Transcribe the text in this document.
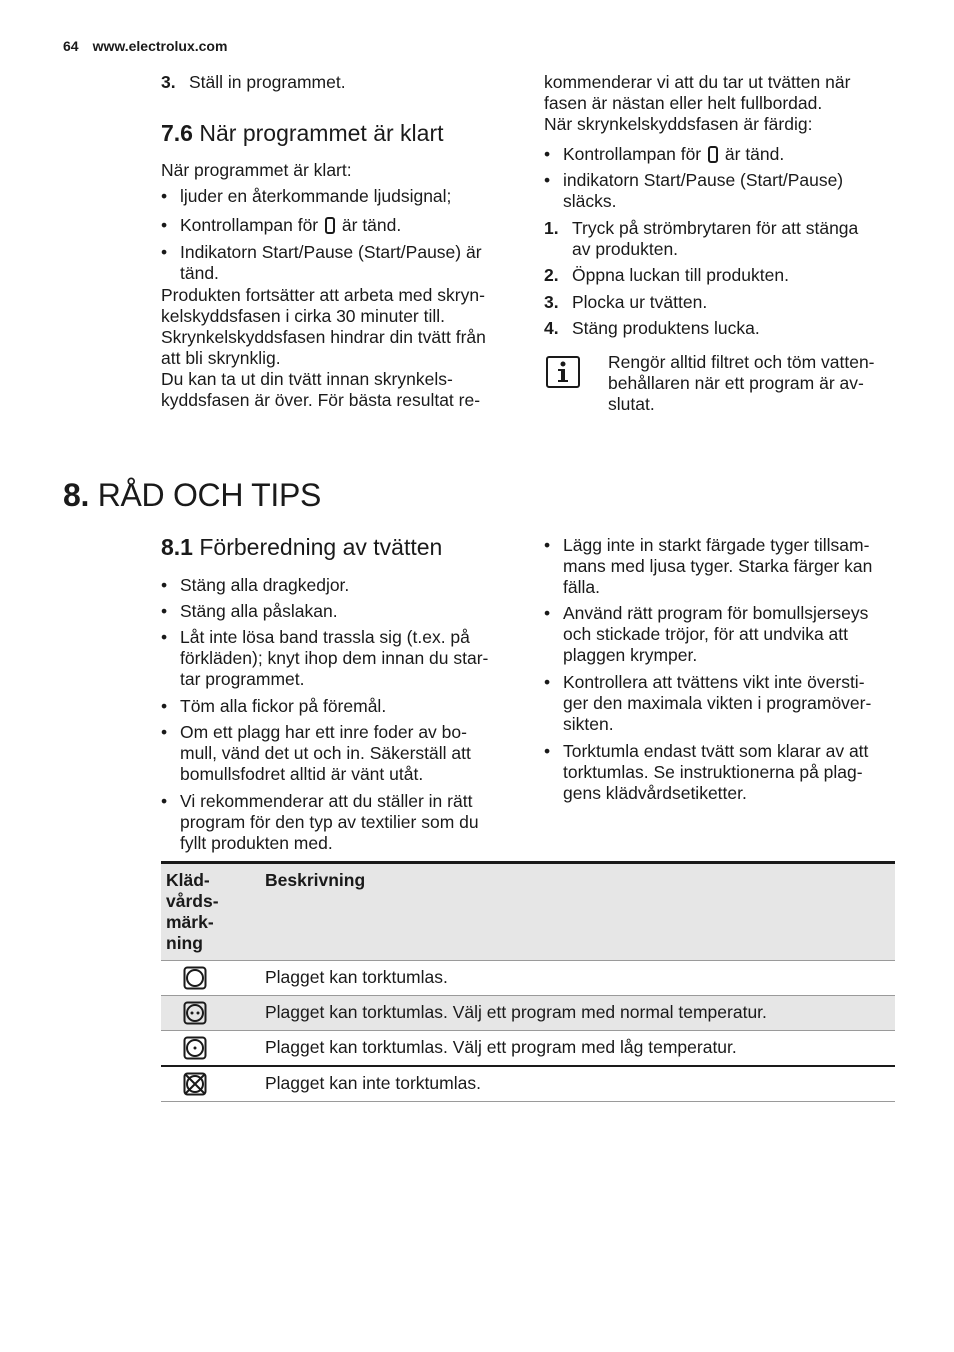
64 www.electrolux.com
3. Ställ in programmet.
7.6 När programmet är klart
När programmet är klart:
• ljuder en återkommande ljudsignal;
• Kontrollampan för är tänd.
• Indikatorn Start/Pause (Start/Pause) är
tänd.
Produkten fortsätter att arbeta med skryn-
kelskyddsfasen i cirka 30 minuter till.
Skrynkelskyddsfasen hindrar din tvätt från
att bli skrynklig.
Du kan ta ut din tvätt innan skrynkels-
kyddsfasen är över. För bästa resultat re-
kommenderar vi att du tar ut tvätten när
fasen är nästan eller helt fullbordad.
När skrynkelskyddsfasen är färdig:
• Kontrollampan för är tänd.
• indikatorn Start/Pause (Start/Pause)
släcks.
1. Tryck på strömbrytaren för att stänga
av produkten.
2. Öppna luckan till produkten.
3. Plocka ur tvätten.
4. Stäng produktens lucka.
Rengör alltid filtret och töm vatten-
behållaren när ett program är av-
slutat.
8. RÅD OCH TIPS
8.1 Förberedning av tvätten
• Stäng alla dragkedjor.
• Stäng alla påslakan.
• Låt inte lösa band trassla sig (t.ex. på
förkläden); knyt ihop dem innan du star-
tar programmet.
• Töm alla fickor på föremål.
• Om ett plagg har ett inre foder av bo-
mull, vänd det ut och in. Säkerställ att
bomullsfodret alltid är vänt utåt.
• Vi rekommenderar att du ställer in rätt
program för den typ av textilier som du
fyllt produkten med.
• Lägg inte in starkt färgade tyger tillsam-
mans med ljusa tyger. Starka färger kan
fälla.
• Använd rätt program för bomullsjerseys
och stickade tröjor, för att undvika att
plaggen krymper.
• Kontrollera att tvättens vikt inte översti-
ger den maximala vikten i programöver-
sikten.
• Torktumla endast tvätt som klarar av att
torktumlas. Se instruktionerna på plag-
gens klädvårdsetiketter.
Kläd-
vårds-
märk-
ning	Beskrivning
	Plagget kan torktumlas.
	Plagget kan torktumlas. Välj ett program med normal temperatur.
	Plagget kan torktumlas. Välj ett program med låg temperatur.
	Plagget kan inte torktumlas.
